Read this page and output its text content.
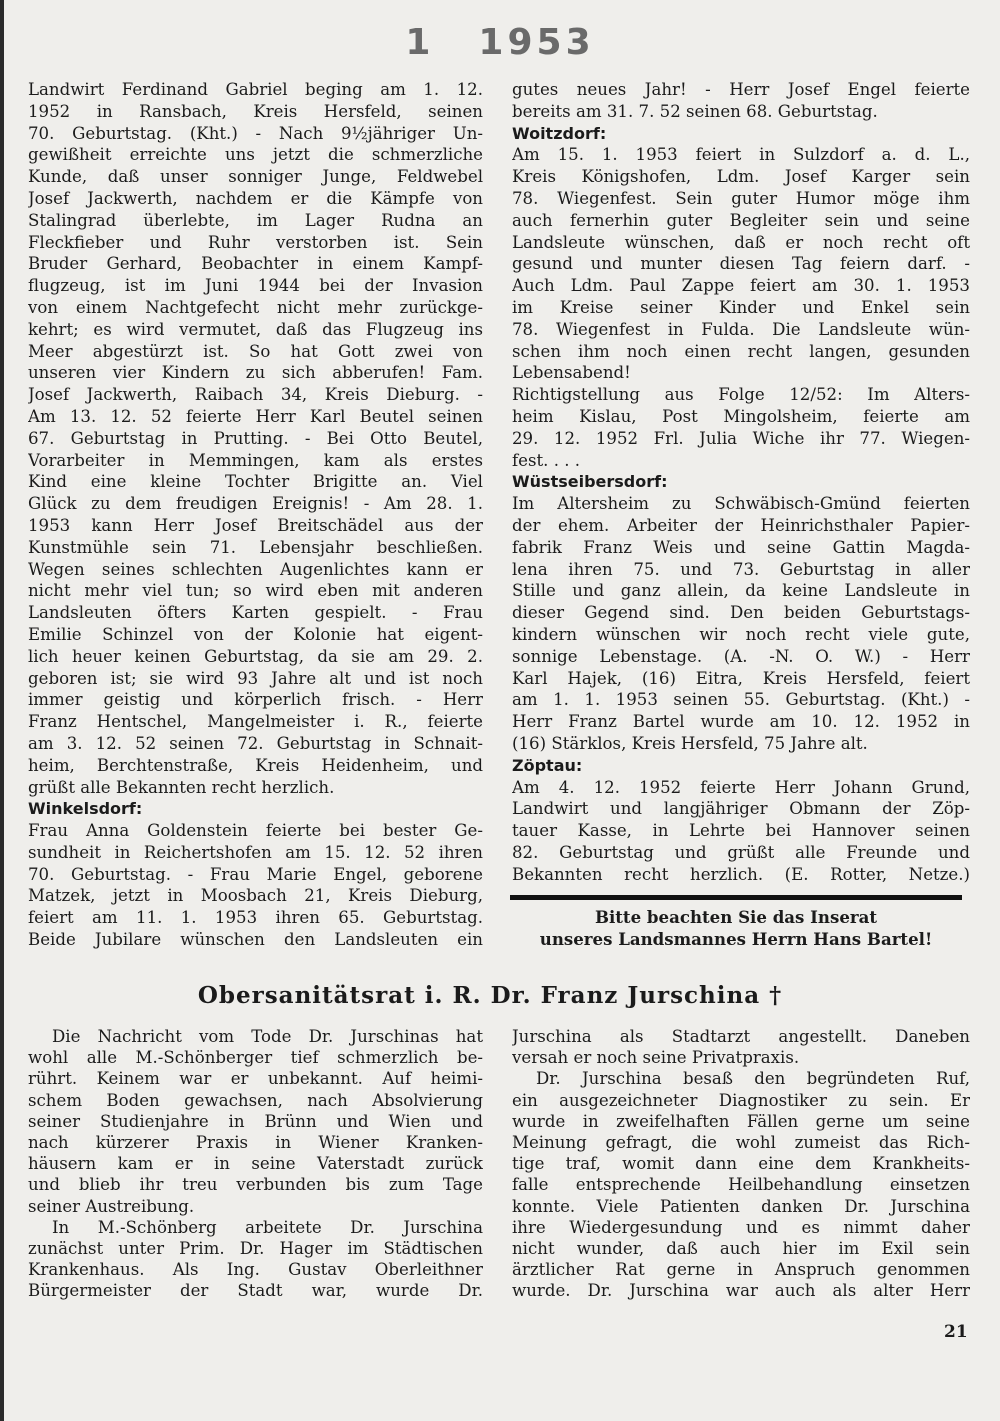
1 1953
Landwirt Ferdinand Gabriel beging am 1. 12.
1952 in Ransbach, Kreis Hersfeld, seinen
70. Geburtstag. (Kht.) - Nach 9½jähriger Un-
gewißheit erreichte uns jetzt die schmerzliche
Kunde, daß unser sonniger Junge, Feldwebel
Josef Jackwerth, nachdem er die Kämpfe von
Stalingrad überlebte, im Lager Rudna an
Fleckfieber und Ruhr verstorben ist. Sein
Bruder Gerhard, Beobachter in einem Kampf-
flugzeug, ist im Juni 1944 bei der Invasion
von einem Nachtgefecht nicht mehr zurückge-
kehrt; es wird vermutet, daß das Flugzeug ins
Meer abgestürzt ist. So hat Gott zwei von
unseren vier Kindern zu sich abberufen! Fam.
Josef Jackwerth, Raibach 34, Kreis Dieburg. -
Am 13. 12. 52 feierte Herr Karl Beutel seinen
67. Geburtstag in Prutting. - Bei Otto Beutel,
Vorarbeiter in Memmingen, kam als erstes
Kind eine kleine Tochter Brigitte an. Viel
Glück zu dem freudigen Ereignis! - Am 28. 1.
1953 kann Herr Josef Breitschädel aus der
Kunstmühle sein 71. Lebensjahr beschließen.
Wegen seines schlechten Augenlichtes kann er
nicht mehr viel tun; so wird eben mit anderen
Landsleuten öfters Karten gespielt. - Frau
Emilie Schinzel von der Kolonie hat eigent-
lich heuer keinen Geburtstag, da sie am 29. 2.
geboren ist; sie wird 93 Jahre alt und ist noch
immer geistig und körperlich frisch. - Herr
Franz Hentschel, Mangelmeister i. R., feierte
am 3. 12. 52 seinen 72. Geburtstag in Schnait-
heim, Berchtenstraße, Kreis Heidenheim, und
grüßt alle Bekannten recht herzlich.
Winkelsdorf:
Frau Anna Goldenstein feierte bei bester Ge-
sundheit in Reichertshofen am 15. 12. 52 ihren
70. Geburtstag. - Frau Marie Engel, geborene
Matzek, jetzt in Moosbach 21, Kreis Dieburg,
feiert am 11. 1. 1953 ihren 65. Geburtstag.
Beide Jubilare wünschen den Landsleuten ein
gutes neues Jahr! - Herr Josef Engel feierte
bereits am 31. 7. 52 seinen 68. Geburtstag.
Woitzdorf:
Am 15. 1. 1953 feiert in Sulzdorf a. d. L.,
Kreis Königshofen, Ldm. Josef Karger sein
78. Wiegenfest. Sein guter Humor möge ihm
auch fernerhin guter Begleiter sein und seine
Landsleute wünschen, daß er noch recht oft
gesund und munter diesen Tag feiern darf. -
Auch Ldm. Paul Zappe feiert am 30. 1. 1953
im Kreise seiner Kinder und Enkel sein
78. Wiegenfest in Fulda. Die Landsleute wün-
schen ihm noch einen recht langen, gesunden
Lebensabend!
Richtigstellung aus Folge 12/52: Im Alters-
heim Kislau, Post Mingolsheim, feierte am
29. 12. 1952 Frl. Julia Wiche ihr 77. Wiegen-
fest. . . .
Wüstseibersdorf:
Im Altersheim zu Schwäbisch-Gmünd feierten
der ehem. Arbeiter der Heinrichsthaler Papier-
fabrik Franz Weis und seine Gattin Magda-
lena ihren 75. und 73. Geburtstag in aller
Stille und ganz allein, da keine Landsleute in
dieser Gegend sind. Den beiden Geburtstags-
kindern wünschen wir noch recht viele gute,
sonnige Lebenstage. (A. -N. O. W.) - Herr
Karl Hajek, (16) Eitra, Kreis Hersfeld, feiert
am 1. 1. 1953 seinen 55. Geburtstag. (Kht.) -
Herr Franz Bartel wurde am 10. 12. 1952 in
(16) Stärklos, Kreis Hersfeld, 75 Jahre alt.
Zöptau:
Am 4. 12. 1952 feierte Herr Johann Grund,
Landwirt und langjähriger Obmann der Zöp-
tauer Kasse, in Lehrte bei Hannover seinen
82. Geburtstag und grüßt alle Freunde und
Bekannten recht herzlich. (E. Rotter, Netze.)
Bitte beachten Sie das Inserat
unseres Landsmannes Herrn Hans Bartel!
Obersanitätsrat i. R. Dr. Franz Jurschina †
Die Nachricht vom Tode Dr. Jurschinas hat
wohl alle M.-Schönberger tief schmerzlich be-
rührt. Keinem war er unbekannt. Auf heimi-
schem Boden gewachsen, nach Absolvierung
seiner Studienjahre in Brünn und Wien und
nach kürzerer Praxis in Wiener Kranken-
häusern kam er in seine Vaterstadt zurück
und blieb ihr treu verbunden bis zum Tage
seiner Austreibung.
In M.-Schönberg arbeitete Dr. Jurschina
zunächst unter Prim. Dr. Hager im Städtischen
Krankenhaus. Als Ing. Gustav Oberleithner
Bürgermeister der Stadt war, wurde Dr.
Jurschina als Stadtarzt angestellt. Daneben
versah er noch seine Privatpraxis.
Dr. Jurschina besaß den begründeten Ruf,
ein ausgezeichneter Diagnostiker zu sein. Er
wurde in zweifelhaften Fällen gerne um seine
Meinung gefragt, die wohl zumeist das Rich-
tige traf, womit dann eine dem Krankheits-
falle entsprechende Heilbehandlung einsetzen
konnte. Viele Patienten danken Dr. Jurschina
ihre Wiedergesundung und es nimmt daher
nicht wunder, daß auch hier im Exil sein
ärztlicher Rat gerne in Anspruch genommen
wurde. Dr. Jurschina war auch als alter Herr
21
